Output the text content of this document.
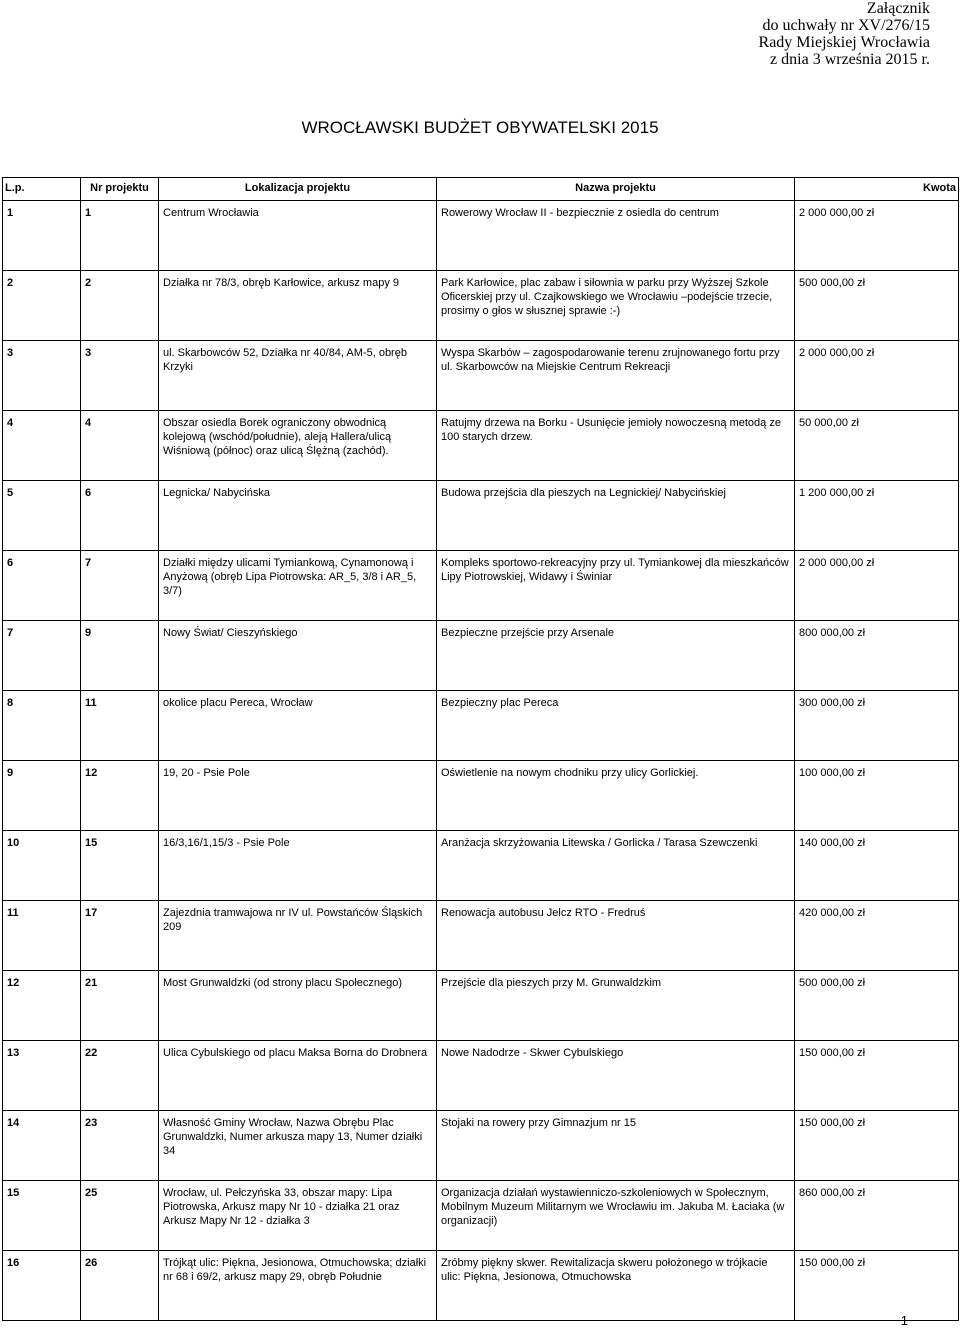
Załącznik
do uchwały nr XV/276/15
Rady Miejskiej Wrocławia
z dnia 3 września 2015 r.
WROCŁAWSKI BUDŻET OBYWATELSKI 2015
L.p.	Nr projektu	Lokalizacja projektu	Nazwa projektu	Kwota
1	1	Centrum Wrocławia	Rowerowy Wrocław II - bezpiecznie z osiedla do centrum	2 000 000,00 zł
2	2	Działka nr 78/3, obręb Karłowice, arkusz mapy 9	Park Karłowice, plac zabaw i siłownia w parku przy Wyższej Szkole Oficerskiej przy ul. Czajkowskiego we Wrocławiu –podejście trzecie, prosimy o głos w słusznej sprawie :-)	500 000,00 zł
3	3	ul. Skarbowców 52, Działka nr 40/84, AM-5, obręb Krzyki	Wyspa Skarbów – zagospodarowanie terenu zrujnowanego fortu przy ul. Skarbowców na Miejskie Centrum Rekreacji	2 000 000,00 zł
4	4	Obszar osiedla Borek ograniczony obwodnicą kolejową (wschód/południe), aleją Hallera/ulicą Wiśniową (północ) oraz ulicą Ślężną (zachód).	Ratujmy drzewa na Borku - Usunięcie jemioły nowoczesną metodą ze 100 starych drzew.	50 000,00 zł
5	6	Legnicka/ Nabycińska	Budowa przejścia dla pieszych na Legnickiej/ Nabycińskiej	1 200 000,00 zł
6	7	Działki między ulicami Tymiankową, Cynamonową i Anyżową (obręb Lipa Piotrowska: AR_5, 3/8 i AR_5, 3/7)	Kompleks sportowo-rekreacyjny przy ul. Tymiankowej dla mieszkańców Lipy Piotrowskiej, Widawy i Świniar	2 000 000,00 zł
7	9	Nowy Świat/ Cieszyńskiego	Bezpieczne przejście przy Arsenale	800 000,00 zł
8	11	okolice placu Pereca, Wrocław	Bezpieczny plac Pereca	300 000,00 zł
9	12	19, 20 - Psie Pole	Oświetlenie na nowym chodniku przy ulicy Gorlickiej.	100 000,00 zł
10	15	16/3,16/1,15/3 - Psie Pole	Aranżacja skrzyżowania Litewska / Gorlicka / Tarasa Szewczenki	140 000,00 zł
11	17	Zajezdnia tramwajowa nr IV ul. Powstańców Śląskich 209	Renowacja autobusu Jelcz RTO - Fredruś	420 000,00 zł
12	21	Most Grunwaldzki (od strony placu Społecznego)	Przejście dla pieszych przy M. Grunwaldzkim	500 000,00 zł
13	22	Ulica Cybulskiego od placu Maksa Borna do Drobnera	Nowe Nadodrze - Skwer Cybulskiego	150 000,00 zł
14	23	Własność Gminy Wrocław, Nazwa Obrębu Plac Grunwaldzki, Numer arkusza mapy 13, Numer działki 34	Stojaki na rowery przy Gimnazjum nr 15	150 000,00 zł
15	25	Wrocław, ul. Pełczyńska 33, obszar mapy: Lipa Piotrowska, Arkusz mapy Nr 10 - działka 21 oraz Arkusz Mapy Nr 12 - działka 3	Organizacja działań wystawienniczo-szkoleniowych w Społecznym, Mobilnym Muzeum Militarnym we Wrocławiu im. Jakuba M. Łaciaka (w organizacji)	860 000,00 zł
16	26	Trójkąt ulic: Piękna, Jesionowa, Otmuchowska; działki nr 68 i 69/2, arkusz mapy 29, obręb Południe	Zróbmy piękny skwer. Rewitalizacja skweru położonego w trójkacie ulic: Piękna, Jesionowa, Otmuchowska	150 000,00 zł
1
